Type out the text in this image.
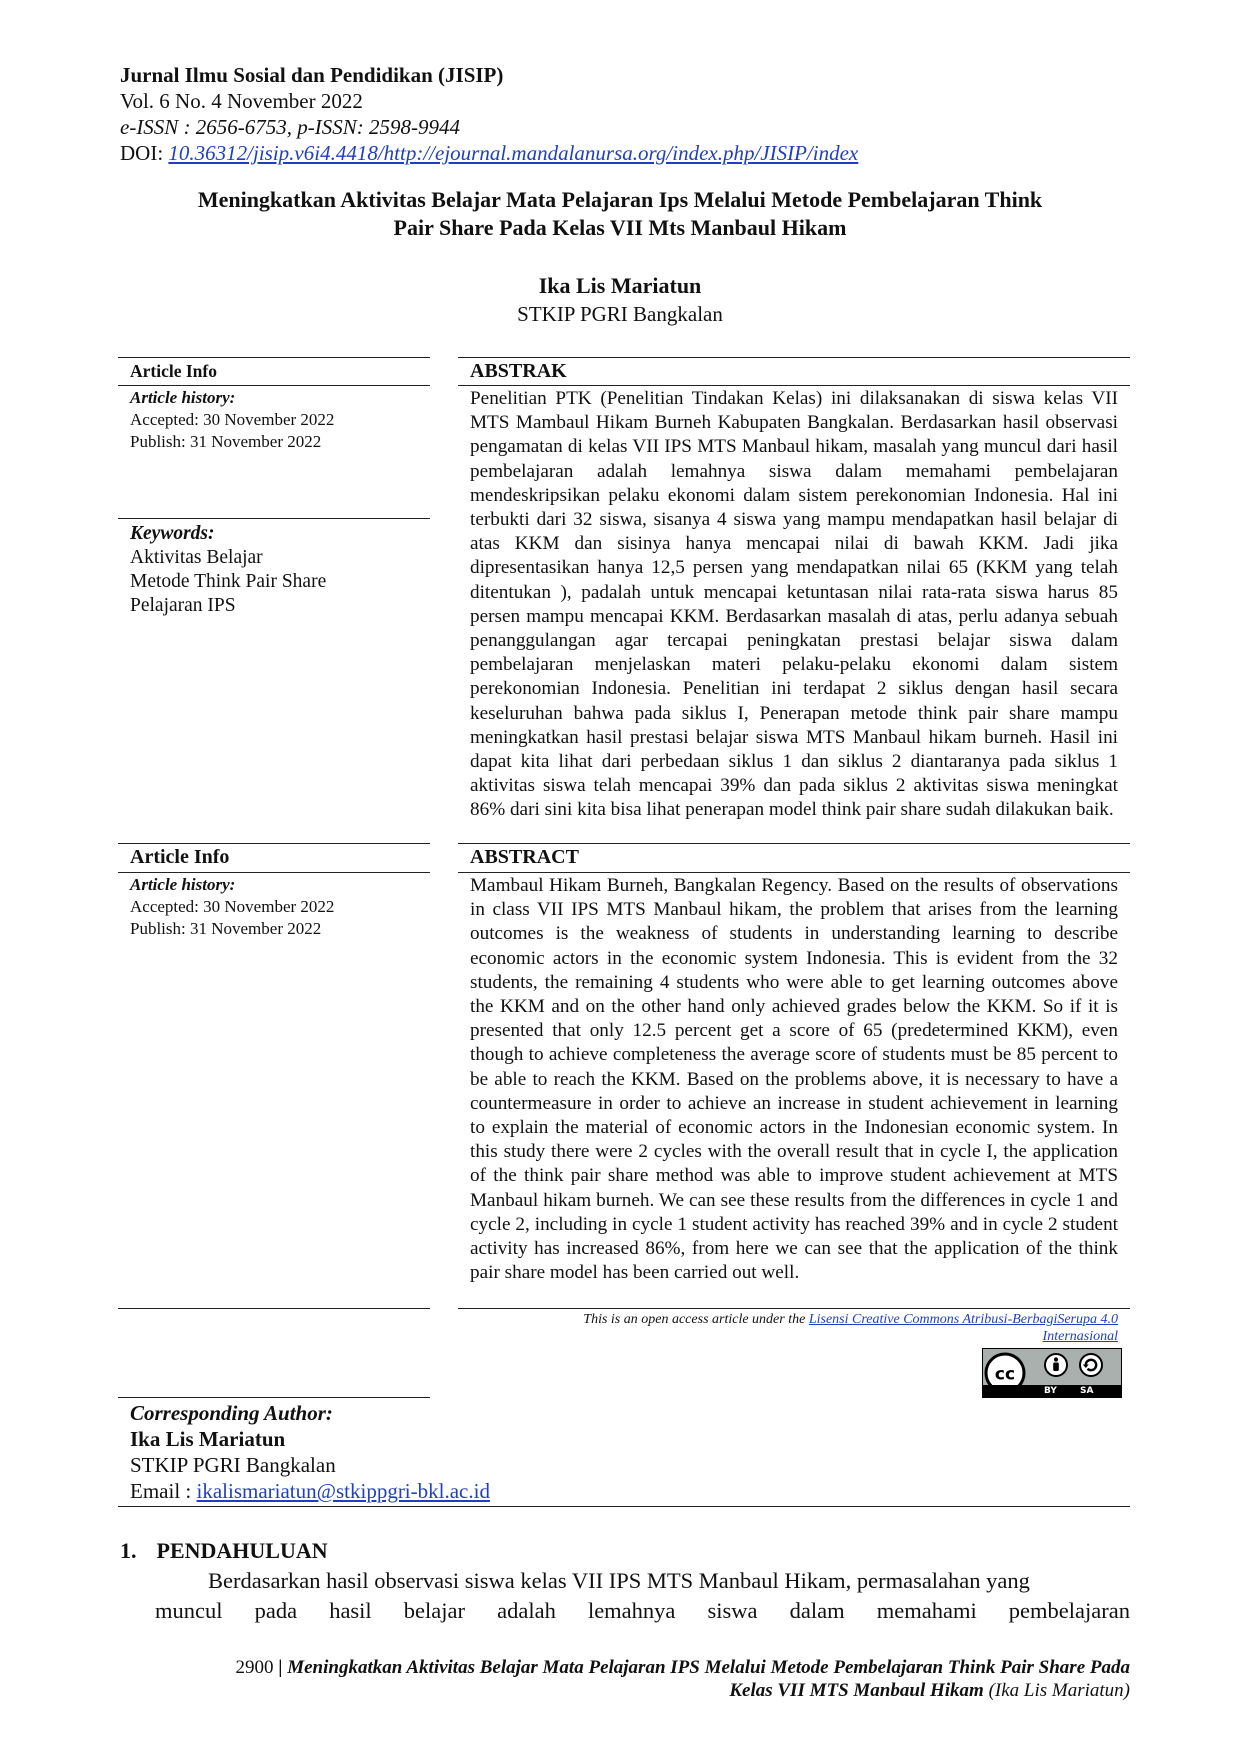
Jurnal Ilmu Sosial dan Pendidikan (JISIP)
Vol. 6 No. 4 November 2022
e-ISSN : 2656-6753, p-ISSN: 2598-9944
DOI: 10.36312/jisip.v6i4.4418/http://ejournal.mandalanursa.org/index.php/JISIP/index
Meningkatkan Aktivitas Belajar Mata Pelajaran Ips Melalui Metode Pembelajaran Think
Pair Share Pada Kelas VII Mts Manbaul Hikam
Ika Lis Mariatun
STKIP PGRI Bangkalan
Article Info
Article history:
Accepted: 30 November 2022
Publish: 31 November 2022
Keywords:
Aktivitas Belajar
Metode Think Pair Share
Pelajaran IPS
ABSTRAK

Penelitian PTK (Penelitian Tindakan Kelas) ini dilaksanakan di siswa kelas VII MTS Mambaul Hikam Burneh Kabupaten Bangkalan. Berdasarkan hasil observasi pengamatan di kelas VII IPS MTS Manbaul hikam, masalah yang muncul dari hasil pembelajaran adalah lemahnya siswa dalam memahami pembelajaran mendeskripsikan pelaku ekonomi dalam sistem perekonomian Indonesia. Hal ini terbukti dari 32 siswa, sisanya 4 siswa yang mampu mendapatkan hasil belajar di atas KKM dan sisinya hanya mencapai nilai di bawah KKM. Jadi jika dipresentasikan hanya 12,5 persen yang mendapatkan nilai 65 (KKM yang telah ditentukan ), padalah untuk mencapai ketuntasan nilai rata-rata siswa harus 85 persen mampu mencapai KKM. Berdasarkan masalah di atas, perlu adanya sebuah penanggulangan agar tercapai peningkatan prestasi belajar siswa dalam pembelajaran menjelaskan materi pelaku-pelaku ekonomi dalam sistem perekonomian Indonesia. Penelitian ini terdapat 2 siklus dengan hasil secara keseluruhan bahwa pada siklus I, Penerapan metode think pair share mampu meningkatkan hasil prestasi belajar siswa MTS Manbaul hikam burneh. Hasil ini dapat kita lihat dari perbedaan siklus 1 dan siklus 2 diantaranya pada siklus 1 aktivitas siswa telah mencapai 39% dan pada siklus 2 aktivitas siswa meningkat 86% dari sini kita bisa lihat penerapan model think pair share sudah dilakukan baik.

Article Info
Article history:
Accepted: 30 November 2022
Publish: 31 November 2022
ABSTRACT

Mambaul Hikam Burneh, Bangkalan Regency. Based on the results of observations in class VII IPS MTS Manbaul hikam, the problem that arises from the learning outcomes is the weakness of students in understanding learning to describe economic actors in the economic system Indonesia. This is evident from the 32 students, the remaining 4 students who were able to get learning outcomes above the KKM and on the other hand only achieved grades below the KKM. So if it is presented that only 12.5 percent get a score of 65 (predetermined KKM), even though to achieve completeness the average score of students must be 85 percent to be able to reach the KKM. Based on the problems above, it is necessary to have a countermeasure in order to achieve an increase in student achievement in learning to explain the material of economic actors in the Indonesian economic system. In this study there were 2 cycles with the overall result that in cycle I, the application of the think pair share method was able to improve student achievement at MTS Manbaul hikam burneh. We can see these results from the differences in cycle 1 and cycle 2, including in cycle 1 student activity has reached 39% and in cycle 2 student activity has increased 86%, from here we can see that the application of the think pair share model has been carried out well.

This is an open access article under the Lisensi Creative Commons Atribusi-BerbagiSerupa 4.0
Internasional
cc
BY	SA
Corresponding Author:
Ika Lis Mariatun
STKIP PGRI Bangkalan
Email : ikalismariatun@stkippgri-bkl.ac.id
1. PENDAHULUAN
Berdasarkan hasil observasi siswa kelas VII IPS MTS Manbaul Hikam, permasalahan yang
muncul pada hasil belajar adalah lemahnya siswa dalam memahami pembelajaran
2900 | Meningkatkan Aktivitas Belajar Mata Pelajaran IPS Melalui Metode Pembelajaran Think Pair Share Pada
Kelas VII MTS Manbaul Hikam (Ika Lis Mariatun)
